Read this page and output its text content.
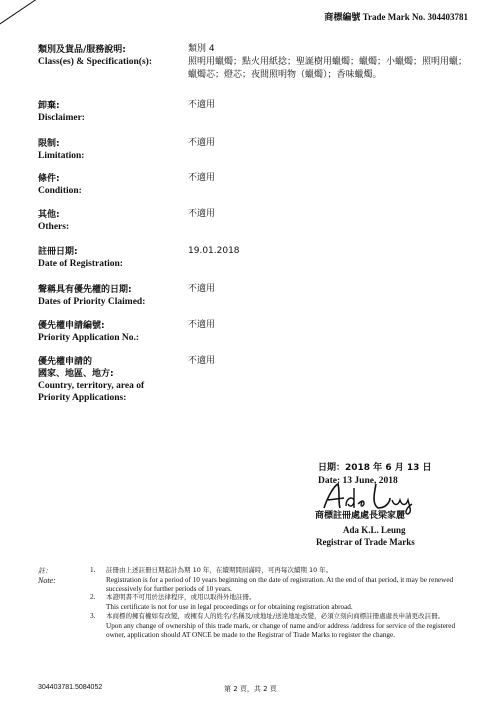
商標編號 Trade Mark No. 304403781
類別及貨品/服務說明:
Class(es) & Specification(s):
類別 4
照明用蠟燭；點火用紙捻；聖誕樹用蠟燭；蠟燭；小蠟燭；照明用蠟；蠟燭芯；燈芯；夜間照明物（蠟燭）；香味蠟燭。
卸棄:
Disclaimer:
不適用
限制:
Limitation:
不適用
條件:
Condition:
不適用
其他:
Others:
不適用
註冊日期:
Date of Registration:
19.01.2018
聲稱具有優先權的日期:
Dates of Priority Claimed:
不適用
優先權申請編號:
Priority Application No.:
不適用
優先權申請的
國家、地區、地方:
Country, territory, area of
Priority Applications:
不適用
日期：2018 年 6 月 13 日
Date: 13 June, 2018
商標註冊處處長梁家麗
Ada K.L. Leung
Registrar of Trade Marks
註：
Note:
1. 註冊由上述註冊日期起計為期 10 年，在續期間屆滿時，可再每次續期 10 年。
Registration is for a period of 10 years beginning on the date of registration. At the end of that period, it may be renewed successively for further periods of 10 years.
2. 本證明書不可用於法律程序，或用以取得外地註冊。
This certificate is not for use in legal proceedings or for obtaining registration abroad.
3. 本商標的擁有權如有改變，或擁有人的姓名/名稱及/或地址/送達地址改變，必須立刻向商標註冊處處長申請更改註冊。
Upon any change of ownership of this trade mark, or change of name and/or address /address for service of the registered owner, application should AT ONCE be made to the Registrar of Trade Marks to register the change.
304403781.5084052	第 2 頁，共 2 頁
